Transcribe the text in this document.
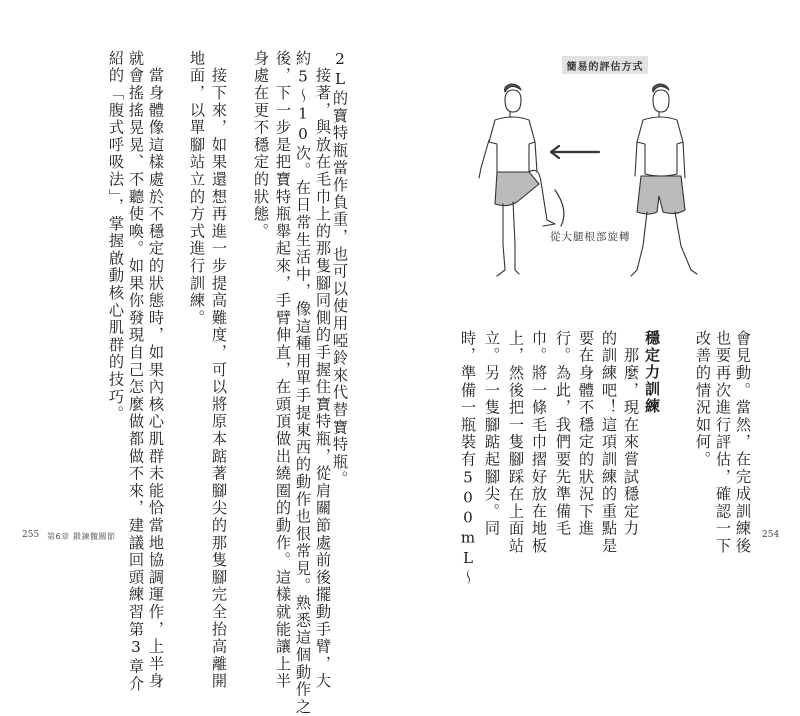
2L的寶特瓶當作負重，也可以使用啞鈴來代替寶特瓶。
　接著，與放在毛巾上的那隻腳同側的手握住寶特瓶，從肩關節處前後擺動手臂，大
約5～10次。在日常生活中，像這種用單手提東西的動作也很常見。熟悉這個動作之
後，下一步是把寶特瓶舉起來，手臂伸直，在頭頂做出繞圈的動作。這樣就能讓上半
身處在更不穩定的狀態。
　接下來，如果還想再進一步提高難度，可以將原本踮著腳尖的那隻腳完全抬高離開
地面，以單腳站立的方式進行訓練。
　當身體像這樣處於不穩定的狀態時，如果內核心肌群未能恰當地協調運作，上半身
就會搖搖晃晃、不聽使喚。如果你發現自己怎麼做都做不來，建議回頭練習第3章介
紹的「腹式呼吸法」，掌握啟動核心肌群的技巧。
255 第6章 鍛鍊髖關節
簡易的評估方式
從大腿根部旋轉
會見動。當然，在完成訓練後
也要再次進行評估，確認一下
改善的情況如何。
穩定力訓練
　那麼，現在來嘗試穩定力
的訓練吧！這項訓練的重點是
要在身體不穩定的狀況下進
行。為此，我們要先準備毛
巾。將一條毛巾摺好放在地板
上，然後把一隻腳踩在上面站
立。另一隻腳踮起腳尖。同
時，準備一瓶裝有500mL～	254
